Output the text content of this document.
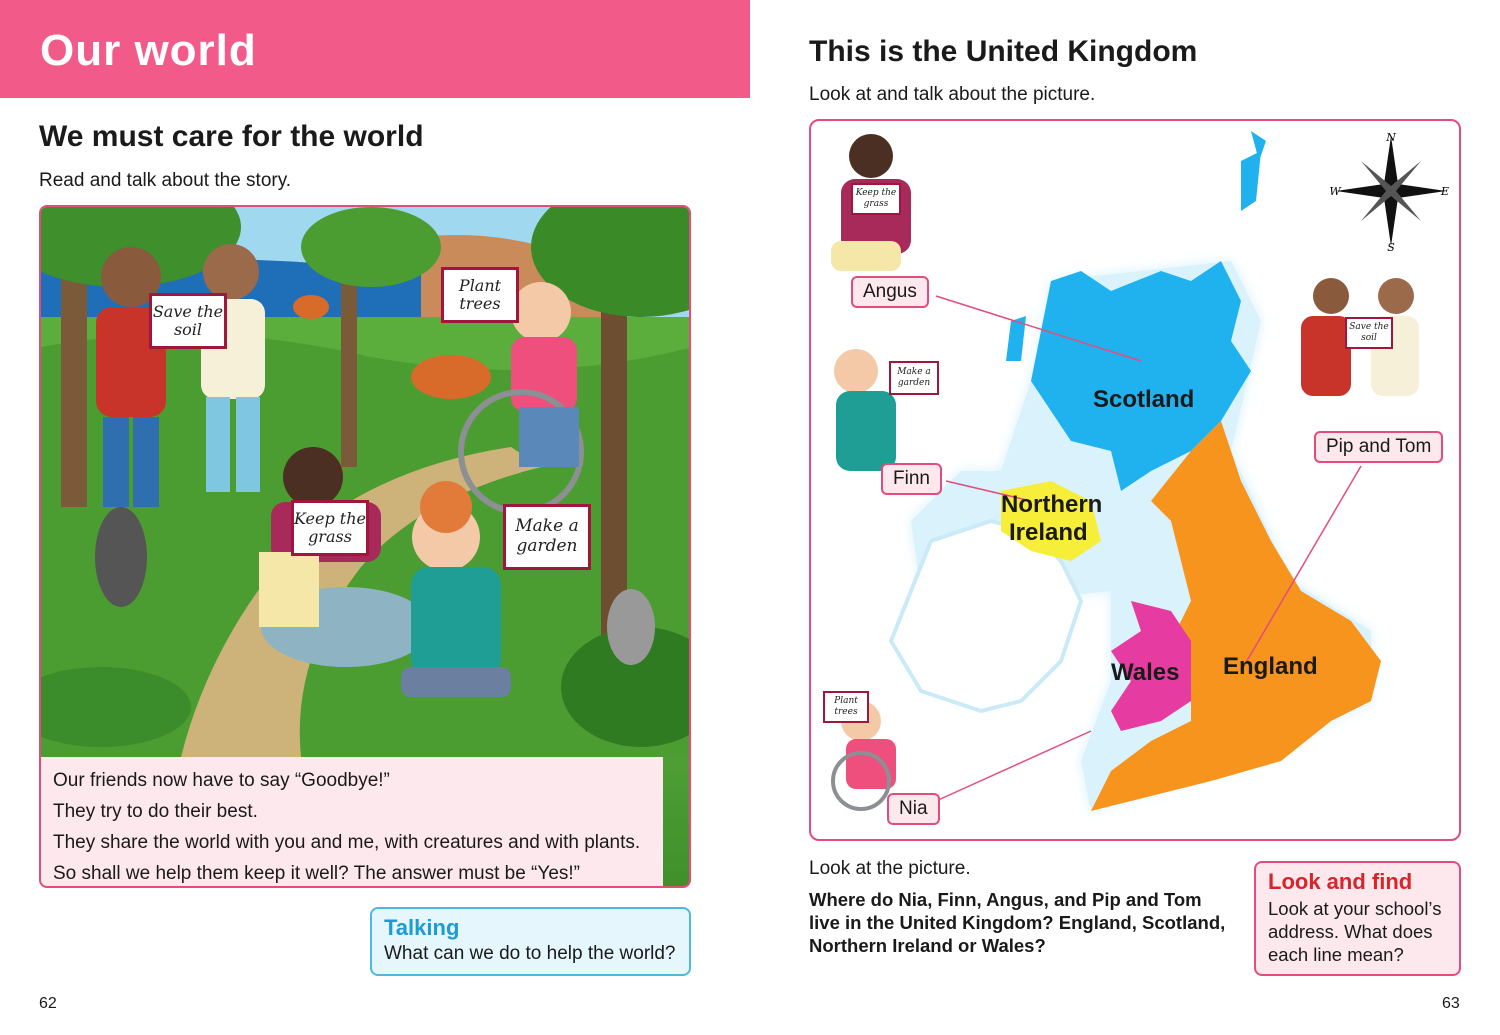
Our world
We must care for the world
Read and talk about the story.
Save the soil
Plant trees
Keep the grass
Make a garden
Our friends now have to say “Goodbye!”
They try to do their best.
They share the world with you and me, with creatures and with plants.
So shall we help them keep it well? The answer must be “Yes!”
Talking
What can we do to help the world?
62
This is the United Kingdom
Look at and talk about the picture.
N
S
E
W
Keep the grass
Make a garden
Plant trees
Save the soil
Scotland
Northern
Ireland
Wales England
Angus
Finn
Nia
Pip and Tom
Look at the picture.
Where do Nia, Finn, Angus, and Pip and Tom live in the United Kingdom? England, Scotland, Northern Ireland or Wales?
Look and find
Look at your school’s address. What does each line mean?
63
